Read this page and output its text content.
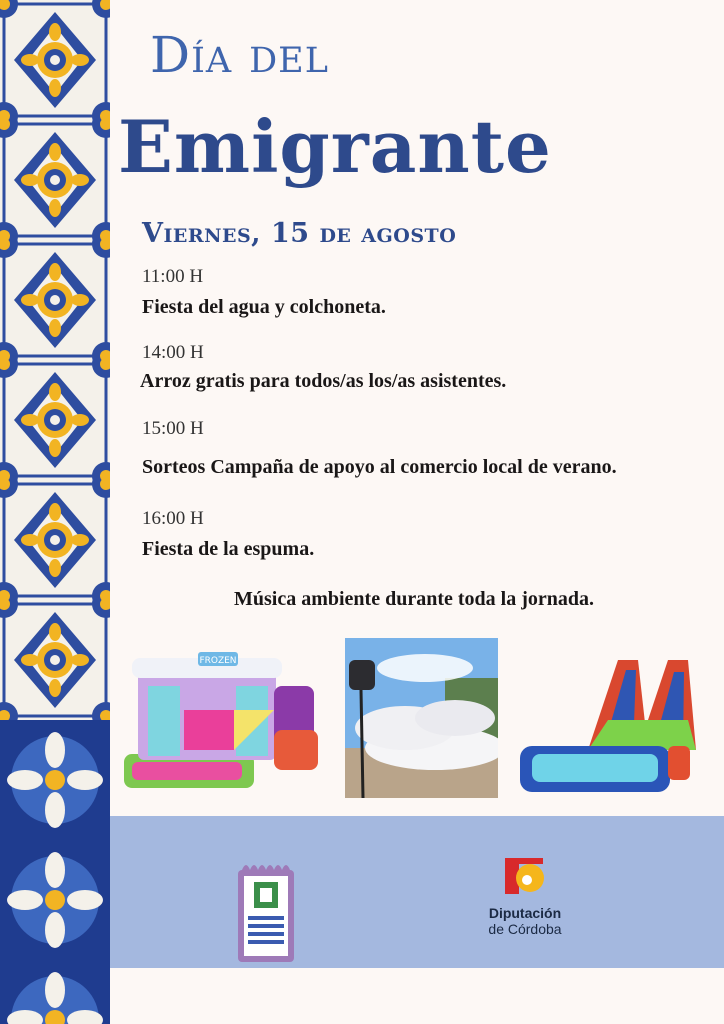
Día del
Emigrante
Viernes, 15 de agosto
11:00 H
Fiesta del agua y colchoneta.
14:00 H
Arroz gratis para todos/as los/as asistentes.
15:00 H
Sorteos Campaña de apoyo al comercio local de verano.
16:00 H
Fiesta de la espuma.
Música ambiente durante toda la jornada.
FROZEN
Diputación
de Córdoba
